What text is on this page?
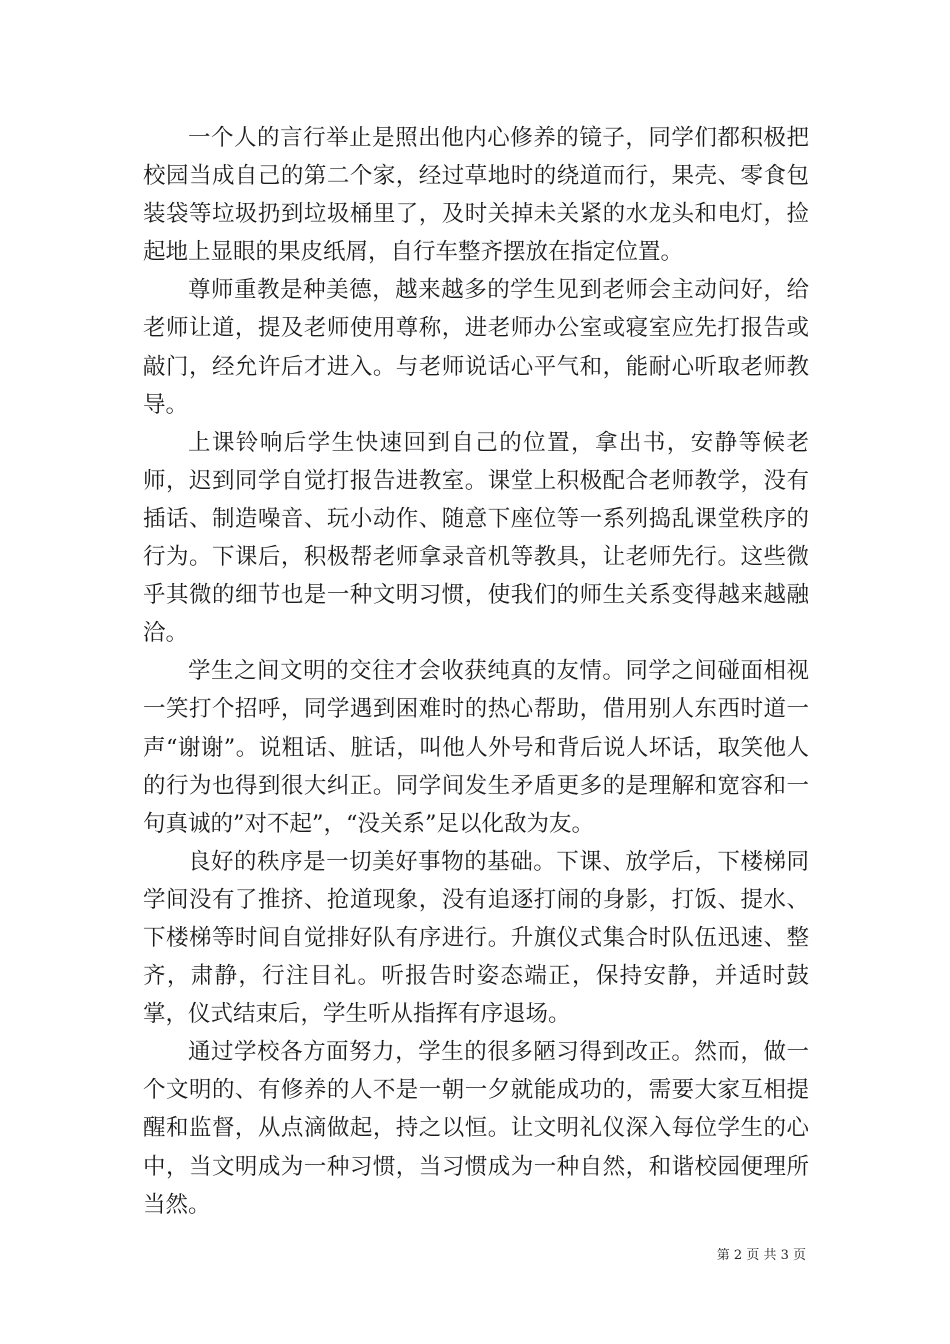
一个人的言行举止是照出他内心修养的镜子，同学们都积极把校园当成自己的第二个家，经过草地时的绕道而行，果壳、零食包装袋等垃圾扔到垃圾桶里了，及时关掉未关紧的水龙头和电灯，捡起地上显眼的果皮纸屑，自行车整齐摆放在指定位置。

尊师重教是种美德，越来越多的学生见到老师会主动问好，给老师让道，提及老师使用尊称，进老师办公室或寝室应先打报告或敲门，经允许后才进入。与老师说话心平气和，能耐心听取老师教导。

上课铃响后学生快速回到自己的位置，拿出书，安静等候老师，迟到同学自觉打报告进教室。课堂上积极配合老师教学，没有插话、制造噪音、玩小动作、随意下座位等一系列捣乱课堂秩序的行为。下课后，积极帮老师拿录音机等教具，让老师先行。这些微乎其微的细节也是一种文明习惯，使我们的师生关系变得越来越融洽。

学生之间文明的交往才会收获纯真的友情。同学之间碰面相视一笑打个招呼，同学遇到困难时的热心帮助，借用别人东西时道一声“谢谢”。说粗话、脏话，叫他人外号和背后说人坏话，取笑他人的行为也得到很大纠正。同学间发生矛盾更多的是理解和宽容和一句真诚的”对不起”，“没关系”足以化敌为友。

良好的秩序是一切美好事物的基础。下课、放学后，下楼梯同学间没有了推挤、抢道现象，没有追逐打闹的身影，打饭、提水、下楼梯等时间自觉排好队有序进行。升旗仪式集合时队伍迅速、整齐，肃静，行注目礼。听报告时姿态端正，保持安静，并适时鼓掌，仪式结束后，学生听从指挥有序退场。

通过学校各方面努力，学生的很多陋习得到改正。然而，做一个文明的、有修养的人不是一朝一夕就能成功的，需要大家互相提醒和监督，从点滴做起，持之以恒。让文明礼仪深入每位学生的心中，当文明成为一种习惯，当习惯成为一种自然，和谐校园便理所当然。

第 2 页 共 3 页
